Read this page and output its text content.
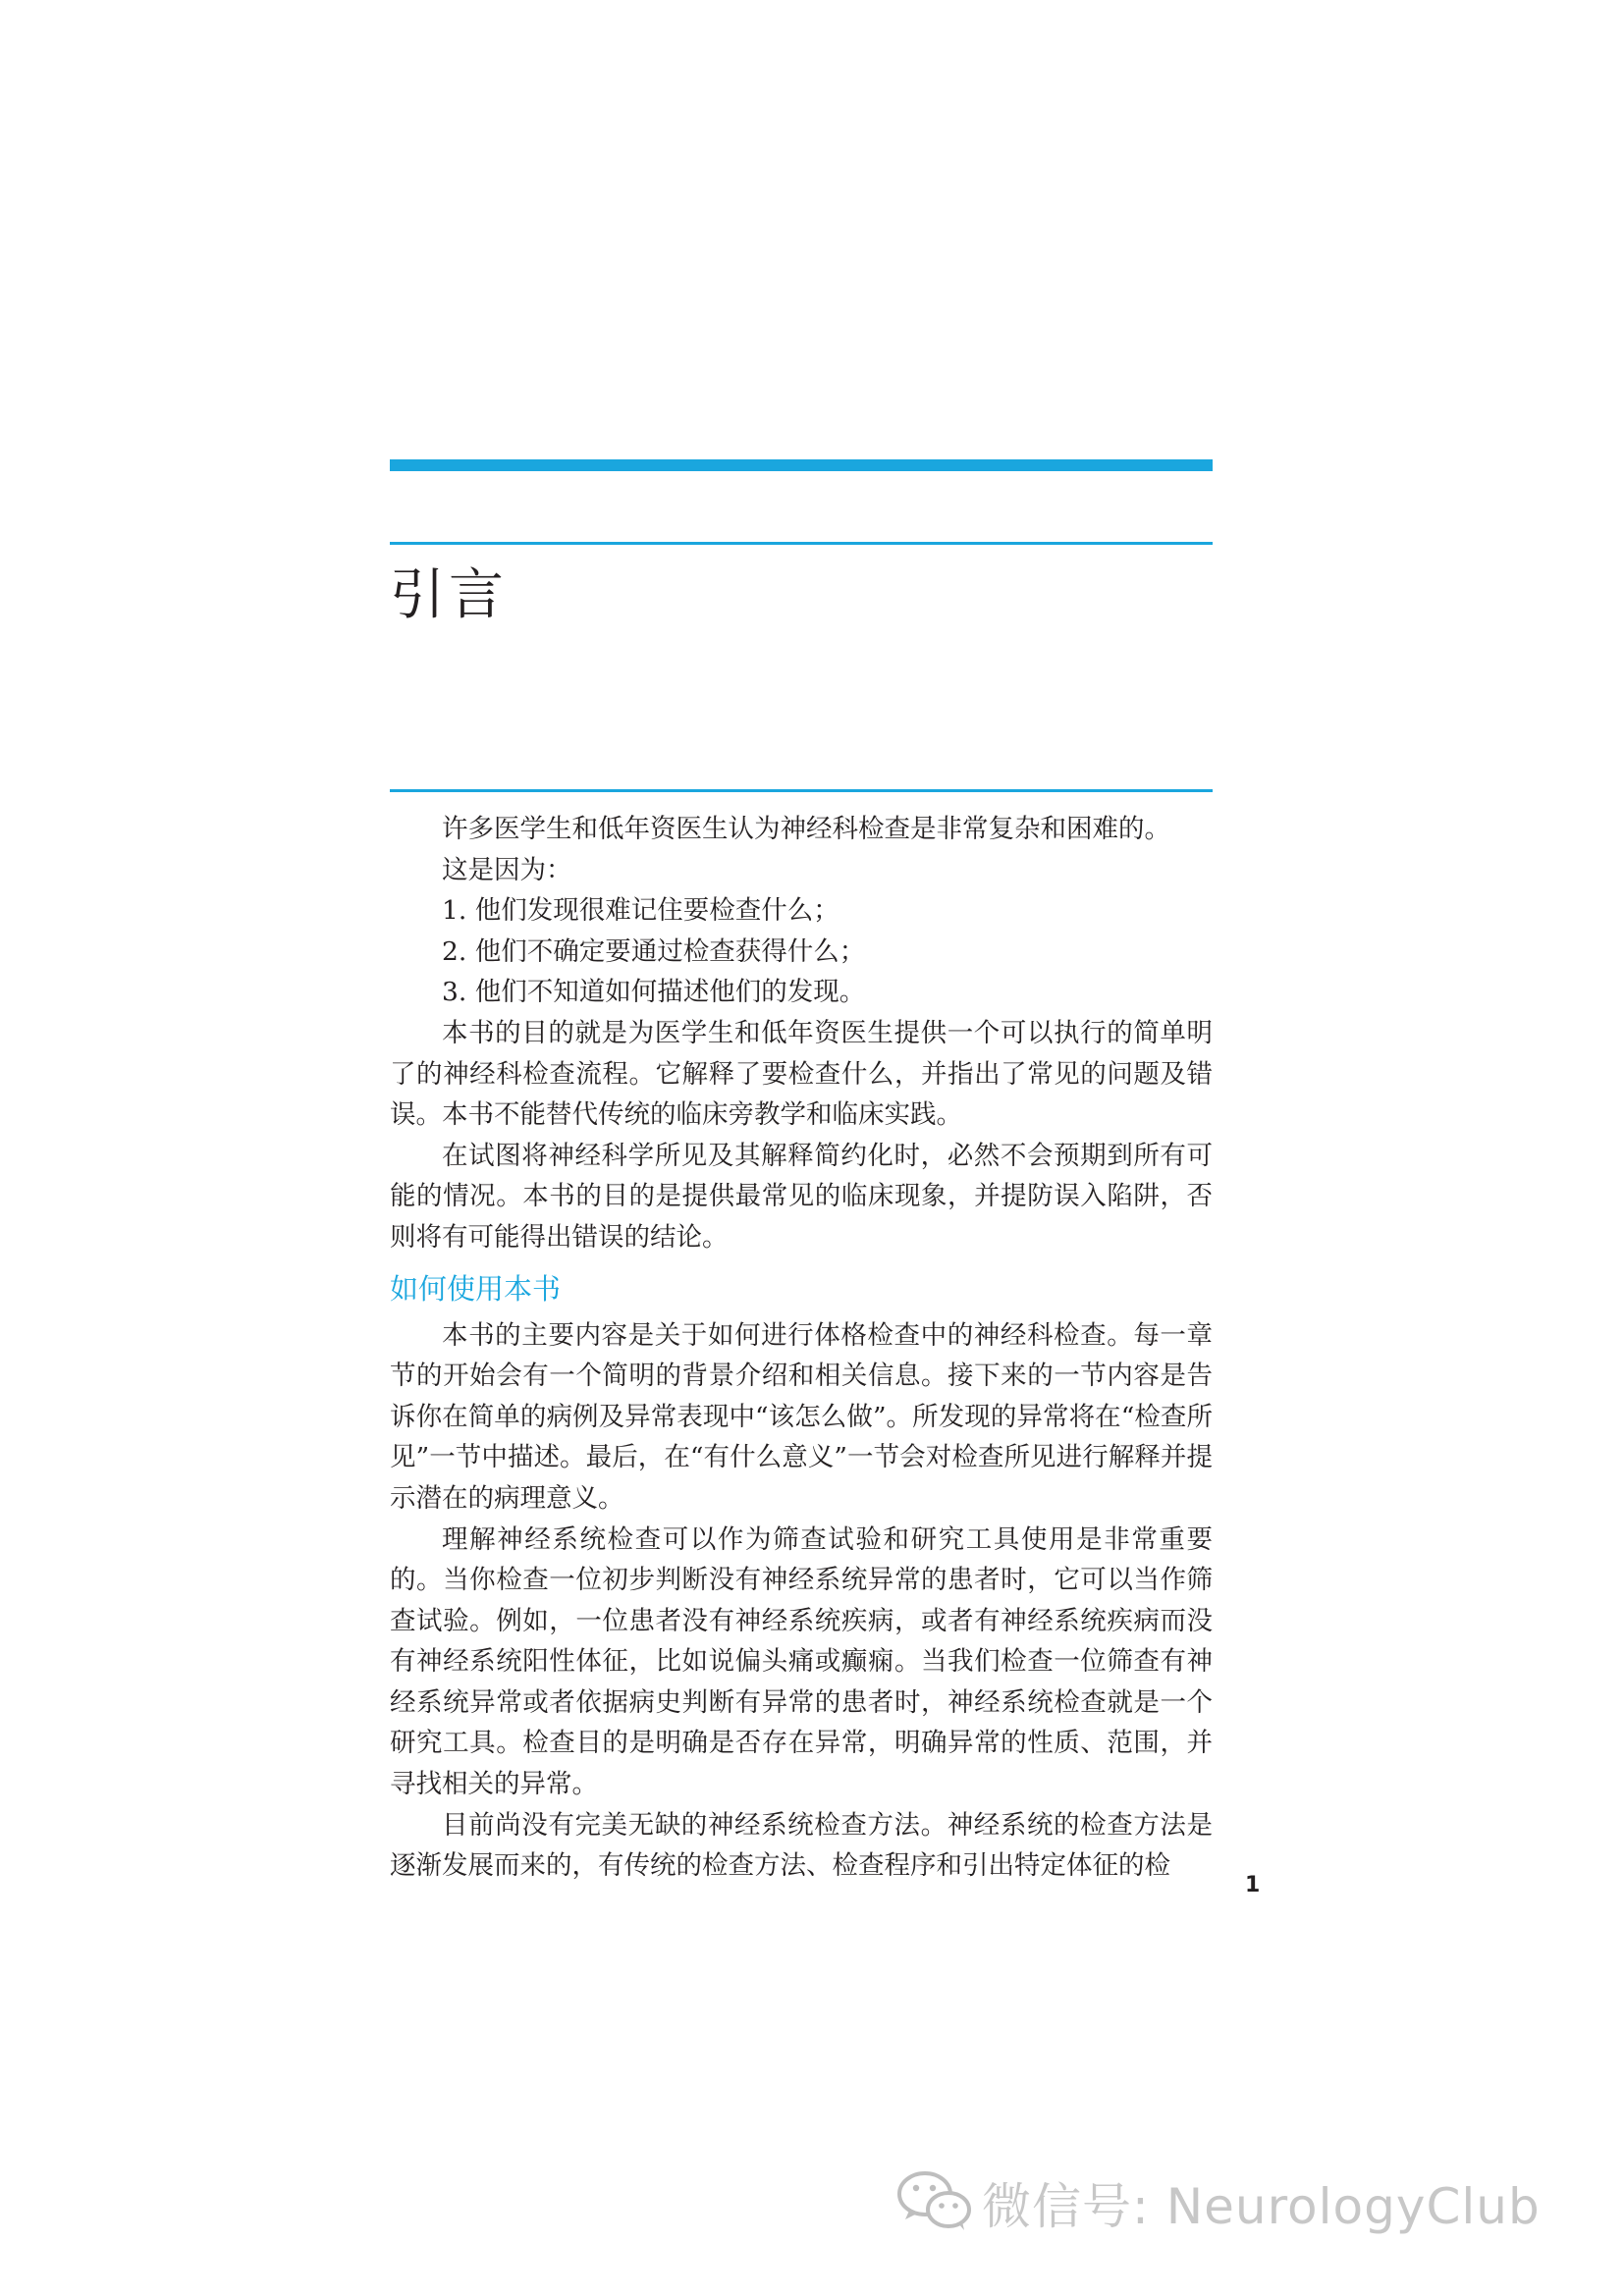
引言

许多医学生和低年资医生认为神经科检查是非常复杂和困难的。

这是因为：

1. 他们发现很难记住要检查什么；

2. 他们不确定要通过检查获得什么；

3. 他们不知道如何描述他们的发现。

本书的目的就是为医学生和低年资医生提供一个可以执行的简单明了的神经科检查流程。它解释了要检查什么，并指出了常见的问题及错误。本书不能替代传统的临床旁教学和临床实践。

在试图将神经科学所见及其解释简约化时，必然不会预期到所有可能的情况。本书的目的是提供最常见的临床现象，并提防误入陷阱，否则将有可能得出错误的结论。

如何使用本书

本书的主要内容是关于如何进行体格检查中的神经科检查。每一章节的开始会有一个简明的背景介绍和相关信息。接下来的一节内容是告诉你在简单的病例及异常表现中“该怎么做”。所发现的异常将在“检查所见”一节中描述。最后，在“有什么意义”一节会对检查所见进行解释并提示潜在的病理意义。

理解神经系统检查可以作为筛查试验和研究工具使用是非常重要的。当你检查一位初步判断没有神经系统异常的患者时，它可以当作筛查试验。例如，一位患者没有神经系统疾病，或者有神经系统疾病而没有神经系统阳性体征，比如说偏头痛或癫痫。当我们检查一位筛查有神经系统异常或者依据病史判断有异常的患者时，神经系统检查就是一个研究工具。检查目的是明确是否存在异常，明确异常的性质、范围，并寻找相关的异常。

目前尚没有完美无缺的神经系统检查方法。神经系统的检查方法是逐渐发展而来的，有传统的检查方法、检查程序和引出特定体征的检

1
微信号: NeurologyClub
